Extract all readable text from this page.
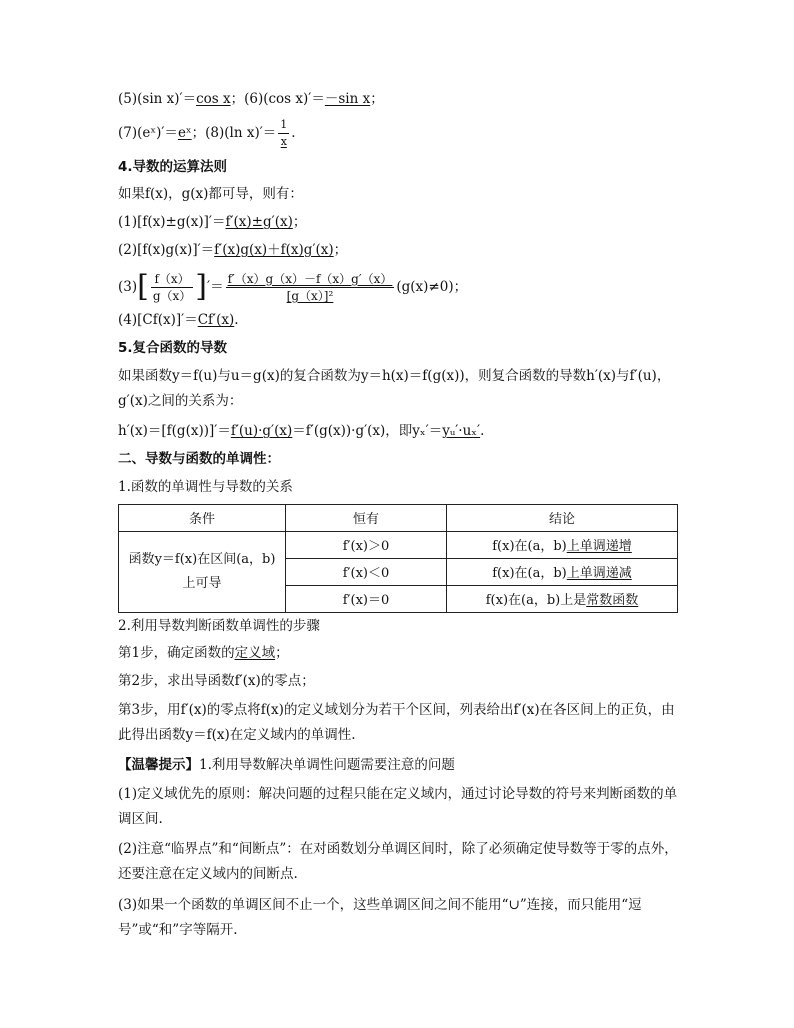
(5)(sin x)′＝cos x；(6)(cos x)′＝－sin x；
(7)(eˣ)′＝eˣ；(8)(ln $x)'= \frac{1}{x}$ .
4.导数的运算法则
如果f(x)，g(x)都可导，则有：
(1)[f(x)±g(x)]′＝f′(x)±g′(x)；
(2)[f(x)g(x)]′＝f′(x)g(x)＋f(x)g′(x)；
$(3)[ \frac{f(x)}{g(x)}$ ]′＝ $\frac{f'(x)g(x)-f(x)g'(x)}{\text{[g（x）]²}} (g(x)\ne 0)$；
(4)[Cf(x)]′＝Cf′(x).
5.复合函数的导数
如果函数y＝f(u)与u＝g(x)的复合函数为y＝h(x)＝f(g(x))，则复合函数的导数h′(x)与f′(u)，g′(x)之间的关系为：
h′(x)＝[f(g(x))]′＝f′(u)·g′(x)＝f′(g(x))·g′(x)，即yₓ′＝yᵤ′·uₓ′.
二、导数与函数的单调性：
1.函数的单调性与导数的关系
条件	恒有	结论
函数y＝f(x)在区间(a，b)
上可导	f′(x)＞0	f(x)在(a，b)上单调递增
	f′(x)＜0	f(x)在(a，b)上单调递减
	f′(x)＝0	f(x)在(a，b)上是常数函数
2.利用导数判断函数单调性的步骤
第1步，确定函数的定义域；
第2步，求出导函数f′(x)的零点；
第3步，用f′(x)的零点将f(x)的定义域划分为若干个区间，列表给出f′(x)在各区间上的正负，由此得出函数y＝f(x)在定义域内的单调性.
【温馨提示】1.利用导数解决单调性问题需要注意的问题
(1)定义域优先的原则：解决问题的过程只能在定义域内，通过讨论导数的符号来判断函数的单调区间.
(2)注意“临界点”和“间断点”：在对函数划分单调区间时，除了必须确定使导数等于零的点外，还要注意在定义域内的间断点.
(3)如果一个函数的单调区间不止一个，这些单调区间之间不能用“∪”连接，而只能用“逗号”或“和”字等隔开.
